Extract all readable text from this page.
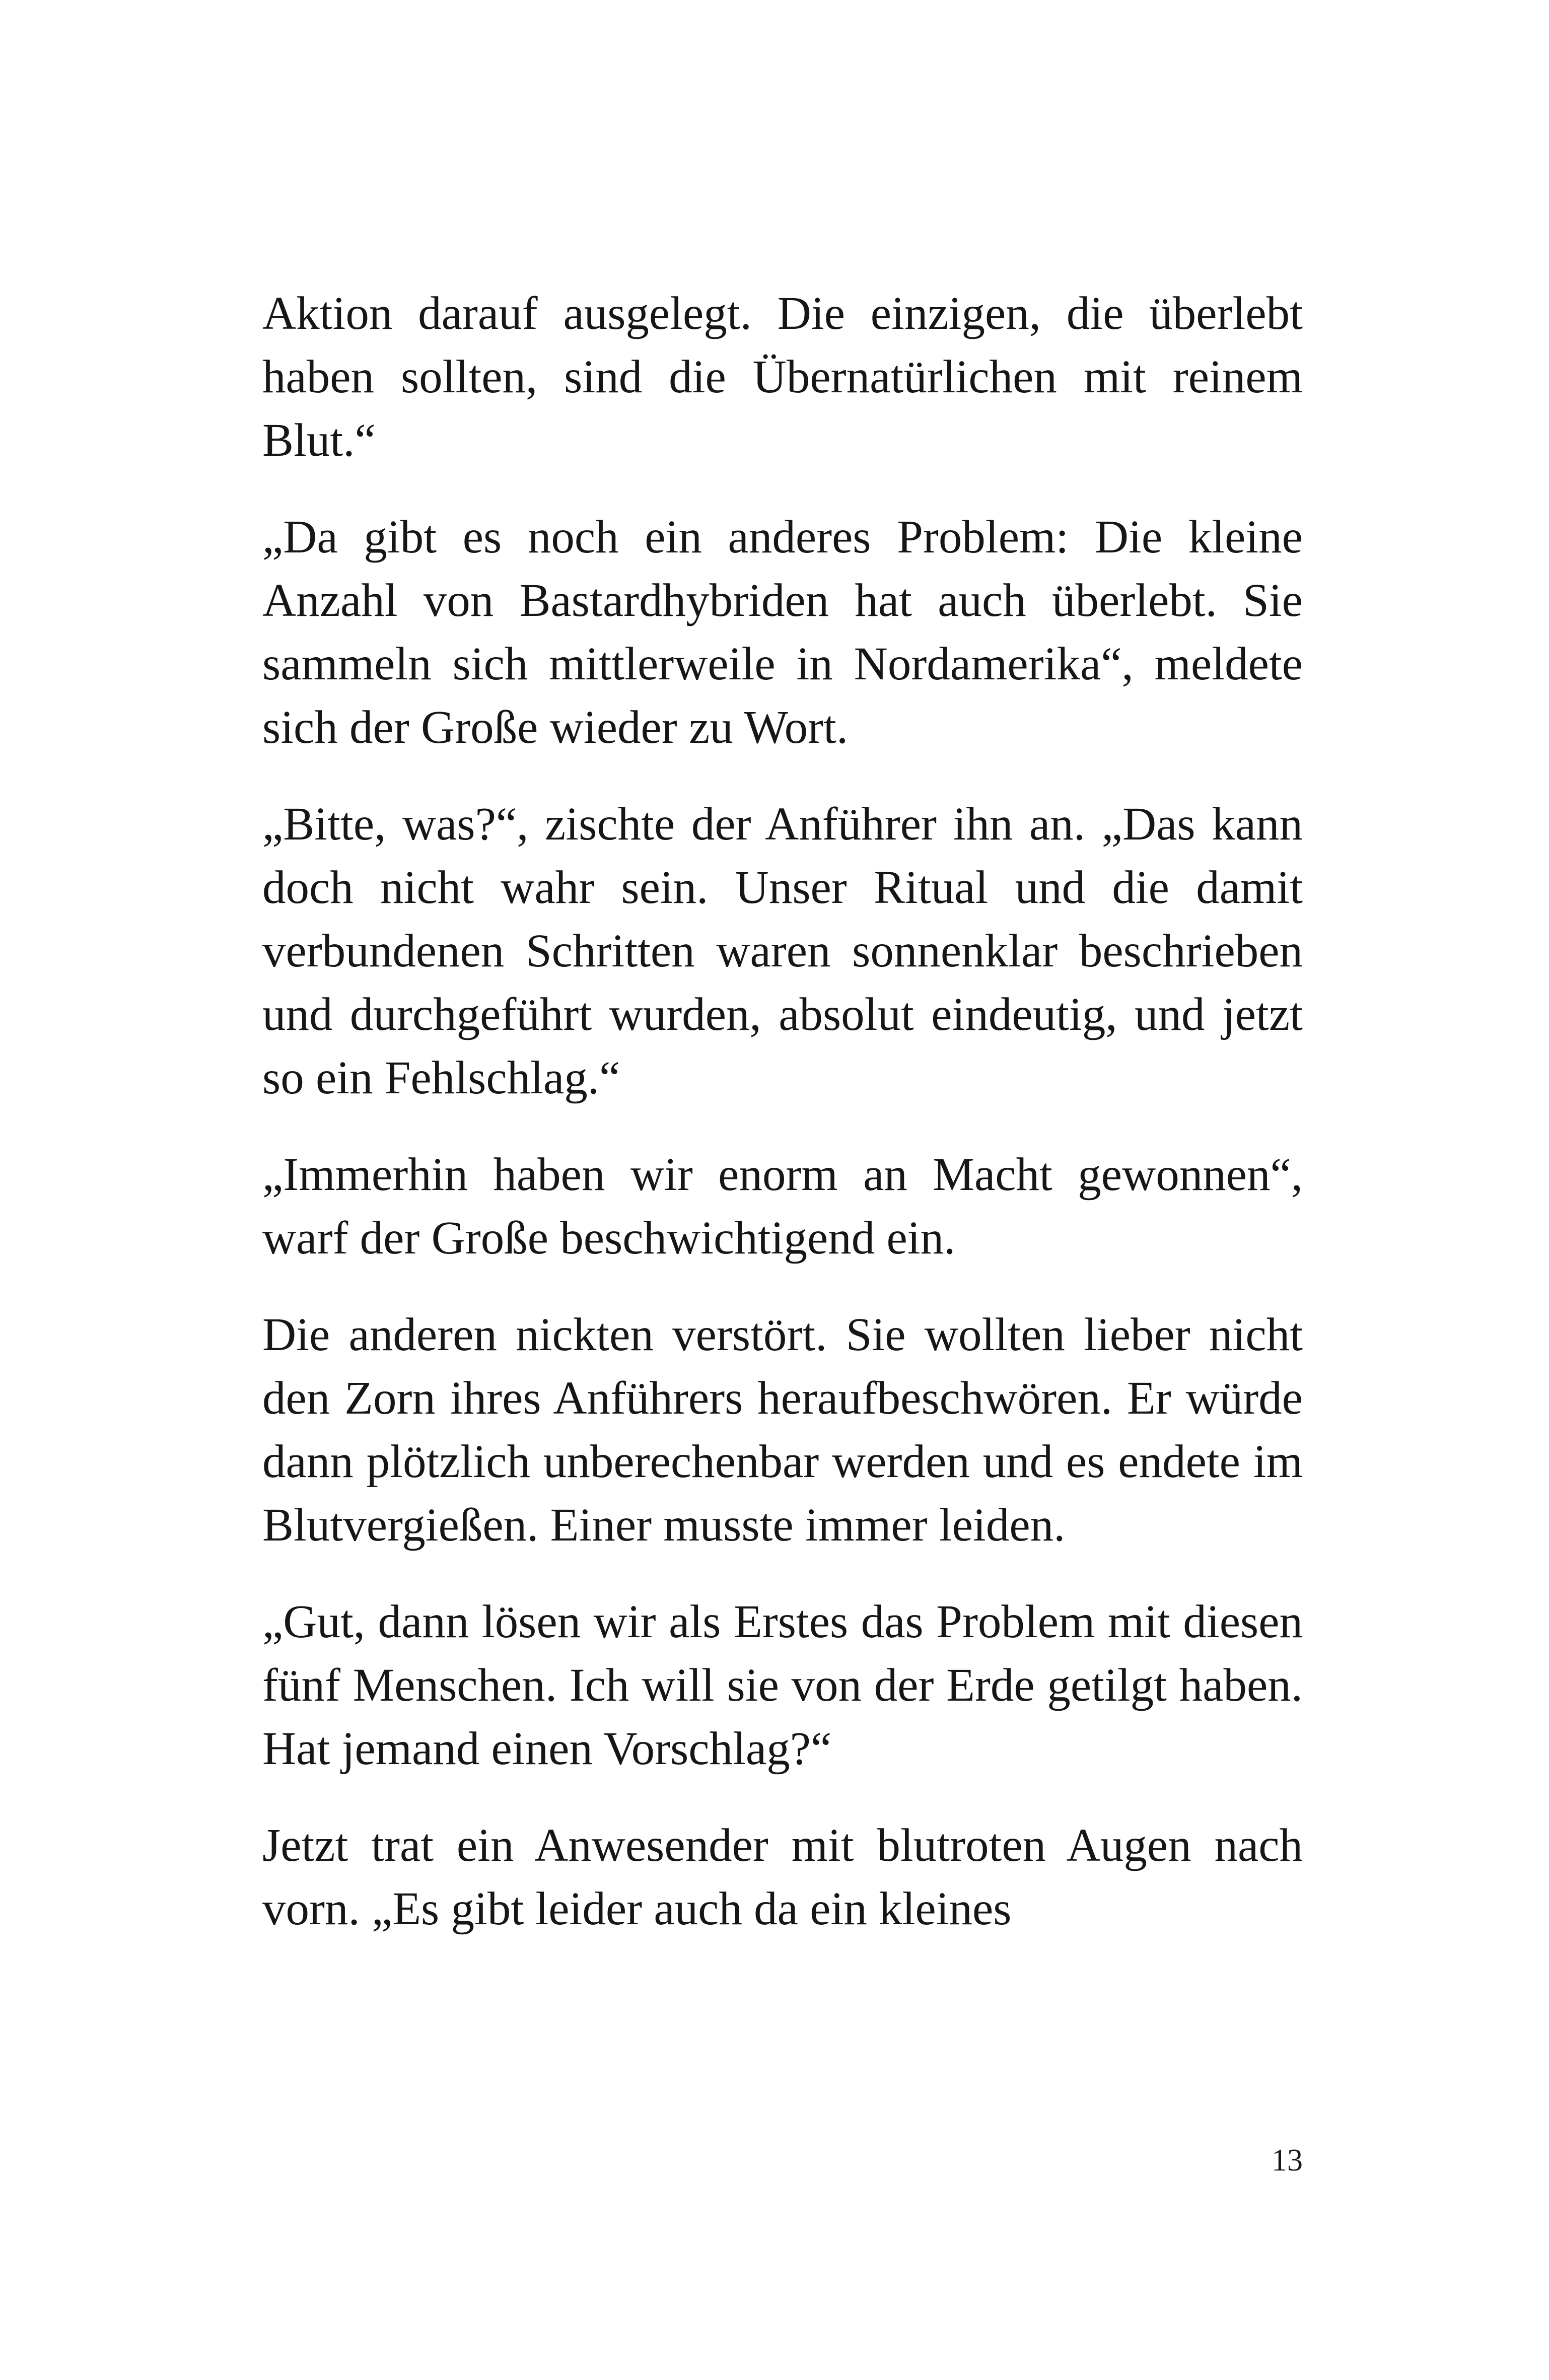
Aktion darauf ausgelegt. Die einzigen, die überlebt haben sollten, sind die Übernatürlichen mit reinem Blut.“

„Da gibt es noch ein anderes Problem: Die kleine Anzahl von Bastardhybriden hat auch überlebt. Sie sammeln sich mittlerweile in Nordamerika“, meldete sich der Große wieder zu Wort.

„Bitte, was?“, zischte der Anführer ihn an. „Das kann doch nicht wahr sein. Unser Ritual und die damit verbundenen Schritten waren sonnenklar beschrieben und durchgeführt wurden, absolut eindeutig, und jetzt so ein Fehlschlag.“

„Immerhin haben wir enorm an Macht gewonnen“, warf der Große beschwichtigend ein.

Die anderen nickten verstört. Sie wollten lieber nicht den Zorn ihres Anführers heraufbeschwören. Er würde dann plötzlich unberechenbar werden und es endete im Blutvergießen. Einer musste immer leiden.

„Gut, dann lösen wir als Erstes das Problem mit diesen fünf Menschen. Ich will sie von der Erde getilgt haben. Hat jemand einen Vorschlag?“

Jetzt trat ein Anwesender mit blutroten Augen nach vorn. „Es gibt leider auch da ein kleines

13
